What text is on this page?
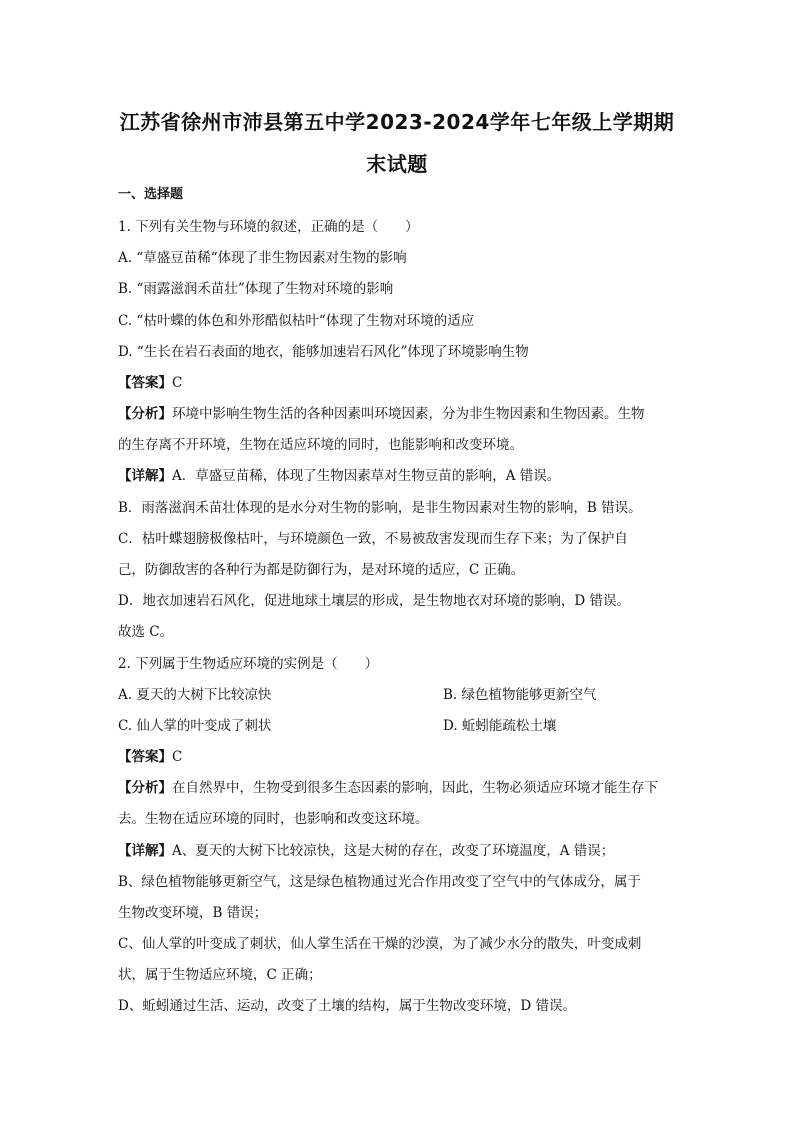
江苏省徐州市沛县第五中学2023-2024学年七年级上学期期
末试题
一、选择题
1. 下列有关生物与环境的叙述，正确的是（　　）
A. “草盛豆苗稀“体现了非生物因素对生物的影响
B. “雨露滋润禾苗壮”体现了生物对环境的影响
C. “枯叶蝶的体色和外形酷似枯叶“体现了生物对环境的适应
D. “生长在岩石表面的地衣，能够加速岩石风化”体现了环境影响生物
【答案】C
【分析】环境中影响生物生活的各种因素叫环境因素，分为非生物因素和生物因素。生物
的生存离不开环境，生物在适应环境的同时，也能影响和改变环境。
【详解】A．草盛豆苗稀，体现了生物因素草对生物豆苗的影响，A 错误。
B．雨落滋润禾苗壮体现的是水分对生物的影响，是非生物因素对生物的影响，B 错误。
C．枯叶蝶翅膀极像枯叶，与环境颜色一致，不易被敌害发现而生存下来；为了保护自
己，防御敌害的各种行为都是防御行为，是对环境的适应，C 正确。
D．地衣加速岩石风化，促进地球土壤层的形成，是生物地衣对环境的影响，D 错误。
故选 C。
2. 下列属于生物适应环境的实例是（　　）
A. 夏天的大树下比较凉快	B. 绿色植物能够更新空气
C. 仙人掌的叶变成了刺状	D. 蚯蚓能疏松土壤
【答案】C
【分析】在自然界中，生物受到很多生态因素的影响，因此，生物必须适应环境才能生存下
去。生物在适应环境的同时，也影响和改变这环境。
【详解】A、夏天的大树下比较凉快，这是大树的存在，改变了环境温度，A 错误；
B、绿色植物能够更新空气，这是绿色植物通过光合作用改变了空气中的气体成分，属于
生物改变环境，B 错误；
C、仙人掌的叶变成了刺状，仙人掌生活在干燥的沙漠，为了减少水分的散失，叶变成刺
状，属于生物适应环境，C 正确；
D、蚯蚓通过生活、运动，改变了土壤的结构，属于生物改变环境，D 错误。
